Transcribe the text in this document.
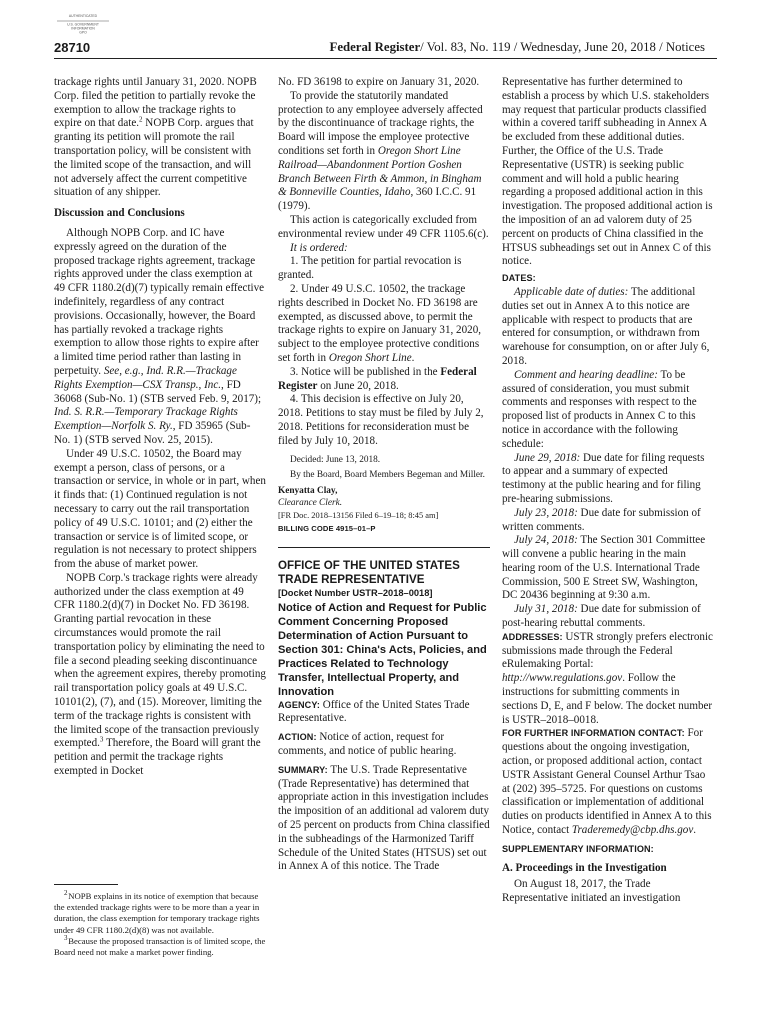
AUTHENTICATED
U.S. GOVERNMENT
INFORMATION
GPO
28710	Federal Register/ Vol. 83, No. 119 / Wednesday, June 20, 2018 / Notices

trackage rights until January 31, 2020. NOPB Corp. filed the petition to partially revoke the exemption to allow the trackage rights to expire on that date.$^2$ NOPB Corp. argues that granting its petition will promote the rail transportation policy, will be consistent with the limited scope of the transaction, and will not adversely affect the current competitive situation of any shipper.

Discussion and Conclusions

Although NOPB Corp. and IC have expressly agreed on the duration of the proposed trackage rights agreement, trackage rights approved under the class exemption at 49 CFR 1180.2(d)(7) typically remain effective indefinitely, regardless of any contract provisions. Occasionally, however, the Board has partially revoked a trackage rights exemption to allow those rights to expire after a limited time period rather than lasting in perpetuity. See, e.g., Ind. R.R.—Trackage Rights Exemption—CSX Transp., Inc., FD 36068 (Sub-No. 1) (STB served Feb. 9, 2017); Ind. S. R.R.—Temporary Trackage Rights Exemption—Norfolk S. Ry., FD 35965 (Sub-No. 1) (STB served Nov. 25, 2015).

Under 49 U.S.C. 10502, the Board may exempt a person, class of persons, or a transaction or service, in whole or in part, when it finds that: (1) Continued regulation is not necessary to carry out the rail transportation policy of 49 U.S.C. 10101; and (2) either the transaction or service is of limited scope, or regulation is not necessary to protect shippers from the abuse of market power.

NOPB Corp.'s trackage rights were already authorized under the class exemption at 49 CFR 1180.2(d)(7) in Docket No. FD 36198. Granting partial revocation in these circumstances would promote the rail transportation policy by eliminating the need to file a second pleading seeking discontinuance when the agreement expires, thereby promoting rail transportation policy goals at 49 U.S.C. 10101(2), (7), and (15). Moreover, limiting the term of the trackage rights is consistent with the limited scope of the transaction previously exempted.$^3$ Therefore, the Board will grant the petition and permit the trackage rights exempted in Docket

$^2$ NOPB explains in its notice of exemption that because the extended trackage rights were to be more than a year in duration, the class exemption for temporary trackage rights under 49 CFR 1180.2(d)(8) was not available.

$^3$ Because the proposed transaction is of limited scope, the Board need not make a market power finding.

No. FD 36198 to expire on January 31, 2020.

To provide the statutorily mandated protection to any employee adversely affected by the discontinuance of trackage rights, the Board will impose the employee protective conditions set forth in Oregon Short Line Railroad—Abandonment Portion Goshen Branch Between Firth & Ammon, in Bingham & Bonneville Counties, Idaho, 360 I.C.C. 91 (1979).

This action is categorically excluded from environmental review under 49 CFR 1105.6(c).

It is ordered:

1. The petition for partial revocation is granted.

2. Under 49 U.S.C. 10502, the trackage rights described in Docket No. FD 36198 are exempted, as discussed above, to permit the trackage rights to expire on January 31, 2020, subject to the employee protective conditions set forth in Oregon Short Line.

3. Notice will be published in the Federal Register on June 20, 2018.

4. This decision is effective on July 20, 2018. Petitions to stay must be filed by July 2, 2018. Petitions for reconsideration must be filed by July 10, 2018.

Decided: June 13, 2018.

By the Board, Board Members Begeman and Miller.

Kenyatta Clay,

Clearance Clerk.

[FR Doc. 2018–13156 Filed 6–19–18; 8:45 am]

BILLING CODE 4915–01–P

OFFICE OF THE UNITED STATES TRADE REPRESENTATIVE

[Docket Number USTR–2018–0018]

Notice of Action and Request for Public Comment Concerning Proposed Determination of Action Pursuant to Section 301: China's Acts, Policies, and Practices Related to Technology Transfer, Intellectual Property, and Innovation

AGENCY: Office of the United States Trade Representative.

ACTION: Notice of action, request for comments, and notice of public hearing.

SUMMARY: The U.S. Trade Representative (Trade Representative) has determined that appropriate action in this investigation includes the imposition of an additional ad valorem duty of 25 percent on products from China classified in the subheadings of the Harmonized Tariff Schedule of the United States (HTSUS) set out in Annex A of this notice. The Trade

Representative has further determined to establish a process by which U.S. stakeholders may request that particular products classified within a covered tariff subheading in Annex A be excluded from these additional duties. Further, the Office of the U.S. Trade Representative (USTR) is seeking public comment and will hold a public hearing regarding a proposed additional action in this investigation. The proposed additional action is the imposition of an ad valorem duty of 25 percent on products of China classified in the HTSUS subheadings set out in Annex C of this notice.

DATES:

Applicable date of duties: The additional duties set out in Annex A to this notice are applicable with respect to products that are entered for consumption, or withdrawn from warehouse for consumption, on or after July 6, 2018.

Comment and hearing deadline: To be assured of consideration, you must submit comments and responses with respect to the proposed list of products in Annex C to this notice in accordance with the following schedule:

June 29, 2018: Due date for filing requests to appear and a summary of expected testimony at the public hearing and for filing pre-hearing submissions.

July 23, 2018: Due date for submission of written comments.

July 24, 2018: The Section 301 Committee will convene a public hearing in the main hearing room of the U.S. International Trade Commission, 500 E Street SW, Washington, DC 20436 beginning at 9:30 a.m.

July 31, 2018: Due date for submission of post-hearing rebuttal comments.

ADDRESSES: USTR strongly prefers electronic submissions made through the Federal eRulemaking Portal: http://www.regulations.gov. Follow the instructions for submitting comments in sections D, E, and F below. The docket number is USTR–2018–0018.

FOR FURTHER INFORMATION CONTACT: For questions about the ongoing investigation, action, or proposed additional action, contact USTR Assistant General Counsel Arthur Tsao at (202) 395–5725. For questions on customs classification or implementation of additional duties on products identified in Annex A to this Notice, contact Traderemedy@cbp.dhs.gov.

SUPPLEMENTARY INFORMATION:

A. Proceedings in the Investigation

On August 18, 2017, the Trade Representative initiated an investigation
